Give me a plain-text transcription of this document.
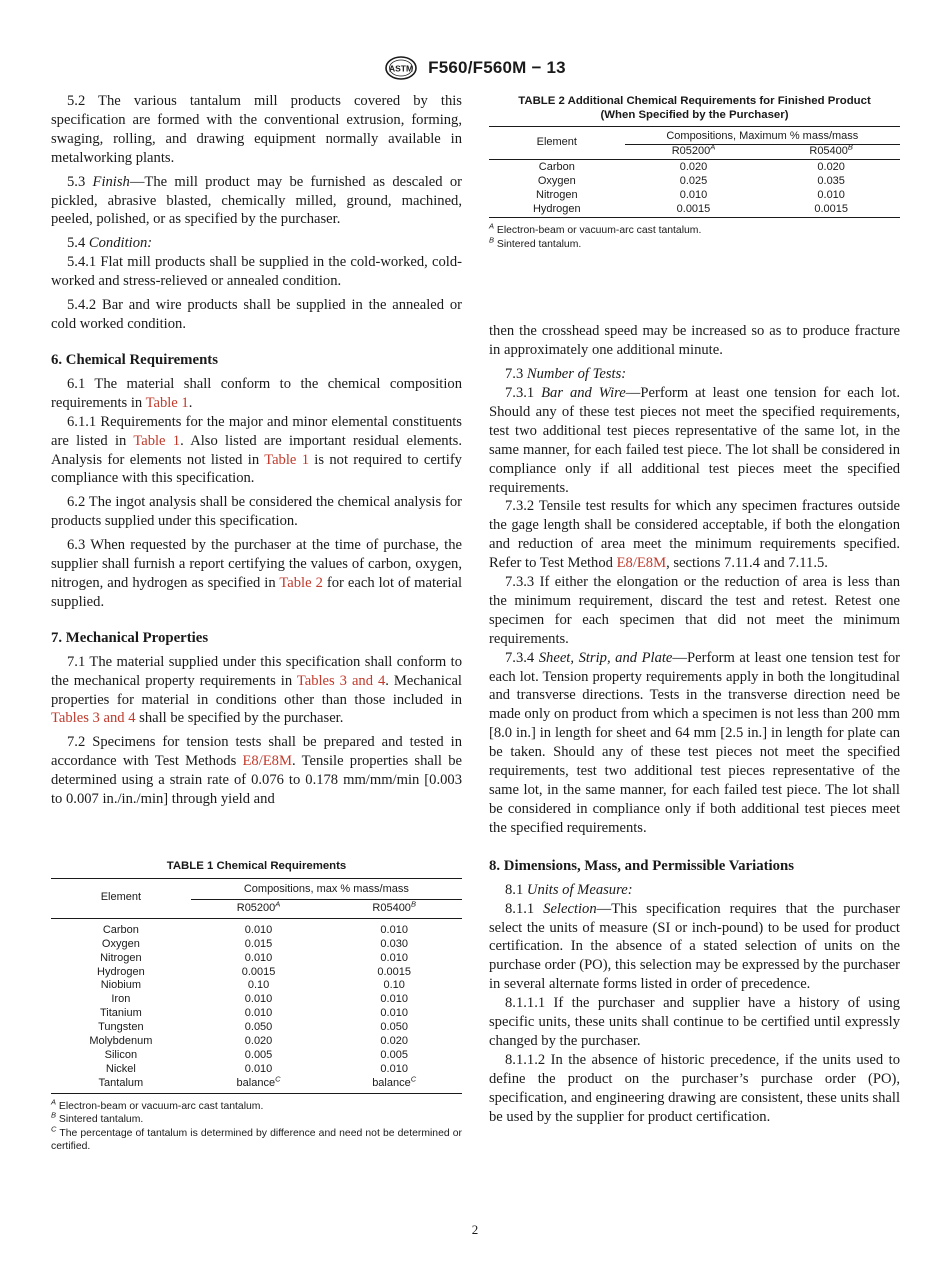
ASTM F560/F560M − 13

5.2 The various tantalum mill products covered by this specification are formed with the conventional extrusion, forming, swaging, rolling, and drawing equipment normally available in metalworking plants.

5.3 Finish—The mill product may be furnished as descaled or pickled, abrasive blasted, chemically milled, ground, machined, peeled, polished, or as specified by the purchaser.

5.4 Condition:

5.4.1 Flat mill products shall be supplied in the cold-worked, cold-worked and stress-relieved or annealed condition.

5.4.2 Bar and wire products shall be supplied in the annealed or cold worked condition.

6. Chemical Requirements

6.1 The material shall conform to the chemical composition requirements in Table 1.

6.1.1 Requirements for the major and minor elemental constituents are listed in Table 1. Also listed are important residual elements. Analysis for elements not listed in Table 1 is not required to certify compliance with this specification.

6.2 The ingot analysis shall be considered the chemical analysis for products supplied under this specification.

6.3 When requested by the purchaser at the time of purchase, the supplier shall furnish a report certifying the values of carbon, oxygen, nitrogen, and hydrogen as specified in Table 2 for each lot of material supplied.

7. Mechanical Properties

7.1 The material supplied under this specification shall conform to the mechanical property requirements in Tables 3 and 4. Mechanical properties for material in conditions other than those included in Tables 3 and 4 shall be specified by the purchaser.

7.2 Specimens for tension tests shall be prepared and tested in accordance with Test Methods E8/E8M. Tensile properties shall be determined using a strain rate of 0.076 to 0.178 mm/mm/min [0.003 to 0.007 in./in./min] through yield and

TABLE 1 Chemical Requirements
Element	Compositions, max % mass/mass	
	$R05200^A$	$R05400^B$
Carbon	0.010	0.010
Oxygen	0.015	0.030
Nitrogen	0.010	0.010
Hydrogen	0.0015	0.0015
Niobium	0.10	0.10
Iron	0.010	0.010
Titanium	0.010	0.010
Tungsten	0.050	0.050
Molybdenum	0.020	0.020
Silicon	0.005	0.005
Nickel	0.010	0.010
Tantalum	balance$^C$	balance$^C$
$^A$ Electron-beam or vacuum-arc cast tantalum.
$^B$ Sintered tantalum.
$^C$ The percentage of tantalum is determined by difference and need not be determined or certified.
TABLE 2 Additional Chemical Requirements for Finished Product
(When Specified by the Purchaser)
Element	Compositions, Maximum % mass/mass	
	$R05200^A$	$R05400^B$
Carbon	0.020	0.020
Oxygen	0.025	0.035
Nitrogen	0.010	0.010
Hydrogen	0.0015	0.0015
$^A$ Electron-beam or vacuum-arc cast tantalum.
$^B$ Sintered tantalum.

then the crosshead speed may be increased so as to produce fracture in approximately one additional minute.

7.3 Number of Tests:

7.3.1 Bar and Wire—Perform at least one tension for each lot. Should any of these test pieces not meet the specified requirements, test two additional test pieces representative of the same lot, in the same manner, for each failed test piece. The lot shall be considered in compliance only if all additional test pieces meet the specified requirements.

7.3.2 Tensile test results for which any specimen fractures outside the gage length shall be considered acceptable, if both the elongation and reduction of area meet the minimum requirements specified. Refer to Test Method E8/E8M, sections 7.11.4 and 7.11.5.

7.3.3 If either the elongation or the reduction of area is less than the minimum requirement, discard the test and retest. Retest one specimen for each specimen that did not meet the minimum requirements.

7.3.4 Sheet, Strip, and Plate—Perform at least one tension test for each lot. Tension property requirements apply in both the longitudinal and transverse directions. Tests in the transverse direction need be made only on product from which a specimen is not less than 200 mm [8.0 in.] in length for sheet and 64 mm [2.5 in.] in length for plate can be taken. Should any of these test pieces not meet the specified requirements, test two additional test pieces representative of the same lot, in the same manner, for each failed test piece. The lot shall be considered in compliance only if both additional test pieces meet the specified requirements.

8. Dimensions, Mass, and Permissible Variations

8.1 Units of Measure:

8.1.1 Selection—This specification requires that the purchaser select the units of measure (SI or inch-pound) to be used for product certification. In the absence of a stated selection of units on the purchase order (PO), this selection may be expressed by the purchaser in several alternate forms listed in order of precedence.

8.1.1.1 If the purchaser and supplier have a history of using specific units, these units shall continue to be certified until expressly changed by the purchaser.

8.1.1.2 In the absence of historic precedence, if the units used to define the product on the purchaser’s purchase order (PO), specification, and engineering drawing are consistent, these units shall be used by the supplier for product certification.

2
